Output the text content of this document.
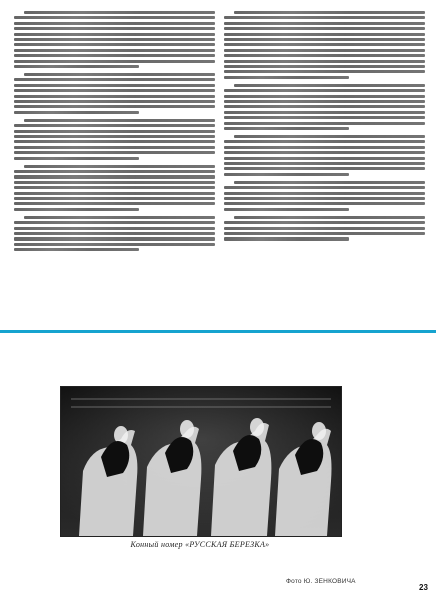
Конный номер «РУССКАЯ БЕРЕЗКА»
Фото Ю. ЗЕНКОВИЧА
23
